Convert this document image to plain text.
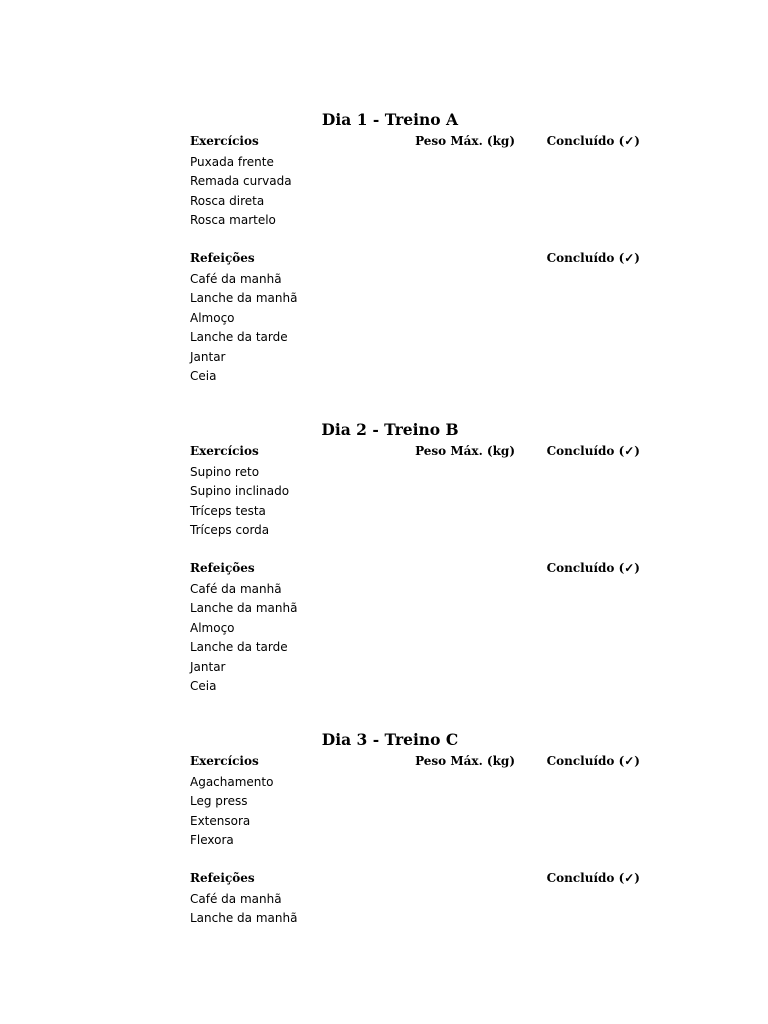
Dia 1 - Treino A
Exercícios	Peso Máx. (kg)	Concluído (✓)
Puxada frente
Remada curvada
Rosca direta
Rosca martelo
Refeições	Concluído (✓)
Café da manhã
Lanche da manhã
Almoço
Lanche da tarde
Jantar
Ceia
Dia 2 - Treino B
Exercícios	Peso Máx. (kg)	Concluído (✓)
Supino reto
Supino inclinado
Tríceps testa
Tríceps corda
Refeições	Concluído (✓)
Café da manhã
Lanche da manhã
Almoço
Lanche da tarde
Jantar
Ceia
Dia 3 - Treino C
Exercícios	Peso Máx. (kg)	Concluído (✓)
Agachamento
Leg press
Extensora
Flexora
Refeições	Concluído (✓)
Café da manhã
Lanche da manhã
